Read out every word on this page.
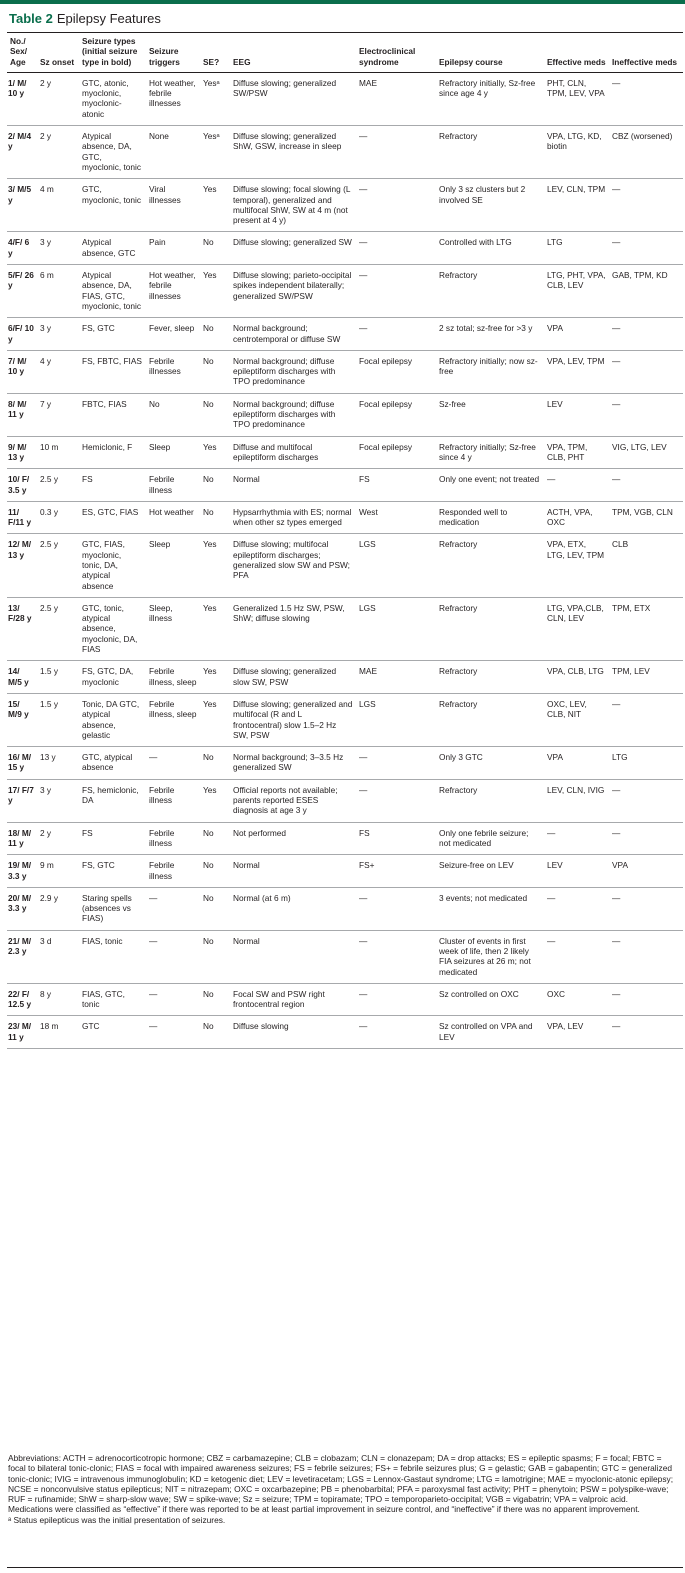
Table 2 Epilepsy Features
No./ Sex/ Age	Sz onset	Seizure types (initial seizure type in bold)	Seizure triggers	SE?	EEG	Electroclinical syndrome	Epilepsy course	Effective meds	Ineffective meds
1/ M/ 10 y	2 y	GTC, atonic, myoclonic, myoclonic-atonic	Hot weather, febrile illnesses	Yesᵃ	Diffuse slowing; generalized SW/PSW	MAE	Refractory initially, Sz-free since age 4 y	PHT, CLN, TPM, LEV, VPA	—
2/ M/4 y	2 y	Atypical absence, DA, GTC, myoclonic, tonic	None	Yesᵃ	Diffuse slowing; generalized ShW, GSW, increase in sleep	—	Refractory	VPA, LTG, KD, biotin	CBZ (worsened)
3/ M/5 y	4 m	GTC, myoclonic, tonic	Viral illnesses	Yes	Diffuse slowing; focal slowing (L temporal), generalized and multifocal ShW, SW at 4 m (not present at 4 y)	—	Only 3 sz clusters but 2 involved SE	LEV, CLN, TPM	—
4/F/ 6 y	3 y	Atypical absence, GTC	Pain	No	Diffuse slowing; generalized SW	—	Controlled with LTG	LTG	—
5/F/ 26 y	6 m	Atypical absence, DA, FIAS, GTC, myoclonic, tonic	Hot weather, febrile illnesses	Yes	Diffuse slowing; parieto-occipital spikes independent bilaterally; generalized SW/PSW	—	Refractory	LTG, PHT, VPA, CLB, LEV	GAB, TPM, KD
6/F/ 10 y	3 y	FS, GTC	Fever, sleep	No	Normal background; centrotemporal or diffuse SW	—	2 sz total; sz-free for >3 y	VPA	—
7/ M/ 10 y	4 y	FS, FBTC, FIAS	Febrile illnesses	No	Normal background; diffuse epileptiform discharges with TPO predominance	Focal epilepsy	Refractory initially; now sz-free	VPA, LEV, TPM	—
8/ M/ 11 y	7 y	FBTC, FIAS	No	No	Normal background; diffuse epileptiform discharges with TPO predominance	Focal epilepsy	Sz-free	LEV	—
9/ M/ 13 y	10 m	Hemiclonic, F	Sleep	Yes	Diffuse and multifocal epileptiform discharges	Focal epilepsy	Refractory initially; Sz-free since 4 y	VPA, TPM, CLB, PHT	VIG, LTG, LEV
10/ F/ 3.5 y	2.5 y	FS	Febrile illness	No	Normal	FS	Only one event; not treated	—	—
11/ F/11 y	0.3 y	ES, GTC, FIAS	Hot weather	No	Hypsarrhythmia with ES; normal when other sz types emerged	West	Responded well to medication	ACTH, VPA, OXC	TPM, VGB, CLN
12/ M/ 13 y	2.5 y	GTC, FIAS, myoclonic, tonic, DA, atypical absence	Sleep	Yes	Diffuse slowing; multifocal epileptiform discharges; generalized slow SW and PSW; PFA	LGS	Refractory	VPA, ETX, LTG, LEV, TPM	CLB
13/ F/28 y	2.5 y	GTC, tonic, atypical absence, myoclonic, DA, FIAS	Sleep, illness	Yes	Generalized 1.5 Hz SW, PSW, ShW; diffuse slowing	LGS	Refractory	LTG, VPA,CLB, CLN, LEV	TPM, ETX
14/ M/5 y	1.5 y	FS, GTC, DA, myoclonic	Febrile illness, sleep	Yes	Diffuse slowing; generalized slow SW, PSW	MAE	Refractory	VPA, CLB, LTG	TPM, LEV
15/ M/9 y	1.5 y	Tonic, DA GTC, atypical absence, gelastic	Febrile illness, sleep	Yes	Diffuse slowing; generalized and multifocal (R and L frontocentral) slow 1.5–2 Hz SW, PSW	LGS	Refractory	OXC, LEV, CLB, NIT	—
16/ M/ 15 y	13 y	GTC, atypical absence	—	No	Normal background; 3–3.5 Hz generalized SW	—	Only 3 GTC	VPA	LTG
17/ F/7 y	3 y	FS, hemiclonic, DA	Febrile illness	Yes	Official reports not available; parents reported ESES diagnosis at age 3 y	—	Refractory	LEV, CLN, IVIG	—
18/ M/ 11 y	2 y	FS	Febrile illness	No	Not performed	FS	Only one febrile seizure; not medicated	—	—
19/ M/ 3.3 y	9 m	FS, GTC	Febrile illness	No	Normal	FS+	Seizure-free on LEV	LEV	VPA
20/ M/ 3.3 y	2.9 y	Staring spells (absences vs FIAS)	—	No	Normal (at 6 m)	—	3 events; not medicated	—	—
21/ M/ 2.3 y	3 d	FIAS, tonic	—	No	Normal	—	Cluster of events in first week of life, then 2 likely FIA seizures at 26 m; not medicated	—	—
22/ F/ 12.5 y	8 y	FIAS, GTC, tonic	—	No	Focal SW and PSW right frontocentral region	—	Sz controlled on OXC	OXC	—
23/ M/ 11 y	18 m	GTC	—	No	Diffuse slowing	—	Sz controlled on VPA and LEV	VPA, LEV	—

Abbreviations: ACTH = adrenocorticotropic hormone; CBZ = carbamazepine; CLB = clobazam; CLN = clonazepam; DA = drop attacks; ES = epileptic spasms; F = focal; FBTC = focal to bilateral tonic-clonic; FIAS = focal with impaired awareness seizures; FS = febrile seizures; FS+ = febrile seizures plus; G = gelastic; GAB = gabapentin; GTC = generalized tonic-clonic; IVIG = intravenous immunoglobulin; KD = ketogenic diet; LEV = levetiracetam; LGS = Lennox-Gastaut syndrome; LTG = lamotrigine; MAE = myoclonic-atonic epilepsy; NCSE = nonconvulsive status epilepticus; NIT = nitrazepam; OXC = oxcarbazepine; PB = phenobarbital; PFA = paroxysmal fast activity; PHT = phenytoin; PSW = polyspike-wave; RUF = rufinamide; ShW = sharp-slow wave; SW = spike-wave; Sz = seizure; TPM = topiramate; TPO = temporoparieto-occipital; VGB = vigabatrin; VPA = valproic acid.

Medications were classified as “effective” if there was reported to be at least partial improvement in seizure control, and “ineffective” if there was no apparent improvement.

ᵃ Status epilepticus was the initial presentation of seizures.
